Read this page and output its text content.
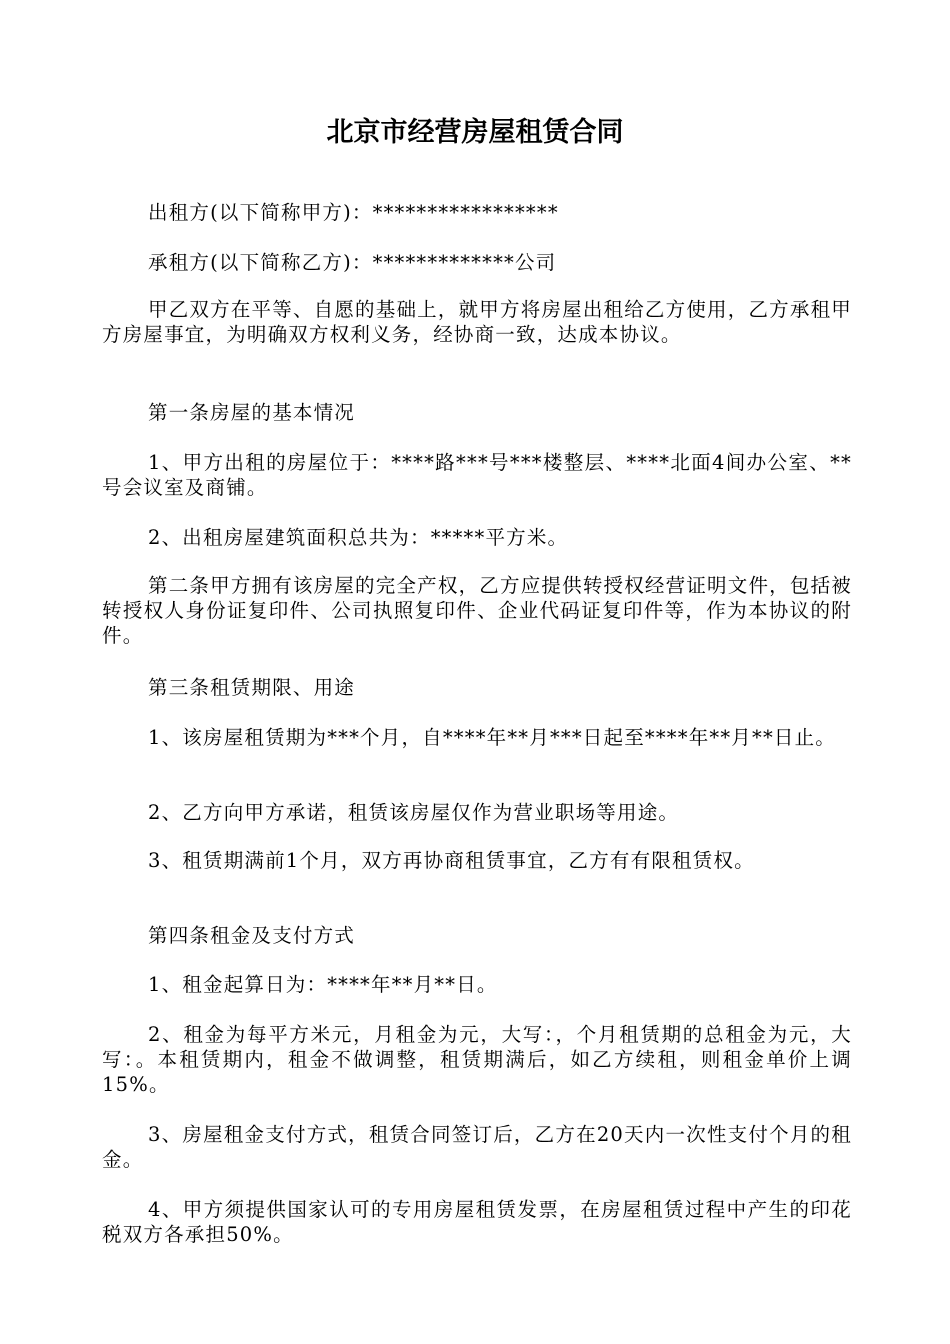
北京市经营房屋租赁合同

出租方(以下简称甲方)：*****************

承租方(以下简称乙方)：*************公司

甲乙双方在平等、自愿的基础上，就甲方将房屋出租给乙方使用，乙方承租甲方房屋事宜，为明确双方权利义务，经协商一致，达成本协议。

第一条房屋的基本情况

1、甲方出租的房屋位于：****路***号***楼整层、****北面4间办公室、**号会议室及商铺。

2、出租房屋建筑面积总共为：*****平方米。

第二条甲方拥有该房屋的完全产权，乙方应提供转授权经营证明文件，包括被转授权人身份证复印件、公司执照复印件、企业代码证复印件等，作为本协议的附件。

第三条租赁期限、用途

1、该房屋租赁期为***个月，自****年**月***日起至****年**月**日止。

2、乙方向甲方承诺，租赁该房屋仅作为营业职场等用途。

3、租赁期满前1个月，双方再协商租赁事宜，乙方有有限租赁权。

第四条租金及支付方式

1、租金起算日为：****年**月**日。

2、租金为每平方米元，月租金为元，大写：，个月租赁期的总租金为元，大写：。本租赁期内，租金不做调整，租赁期满后，如乙方续租，则租金单价上调15%。

3、房屋租金支付方式，租赁合同签订后，乙方在20天内一次性支付个月的租金。

4、甲方须提供国家认可的专用房屋租赁发票，在房屋租赁过程中产生的印花税双方各承担50%。
